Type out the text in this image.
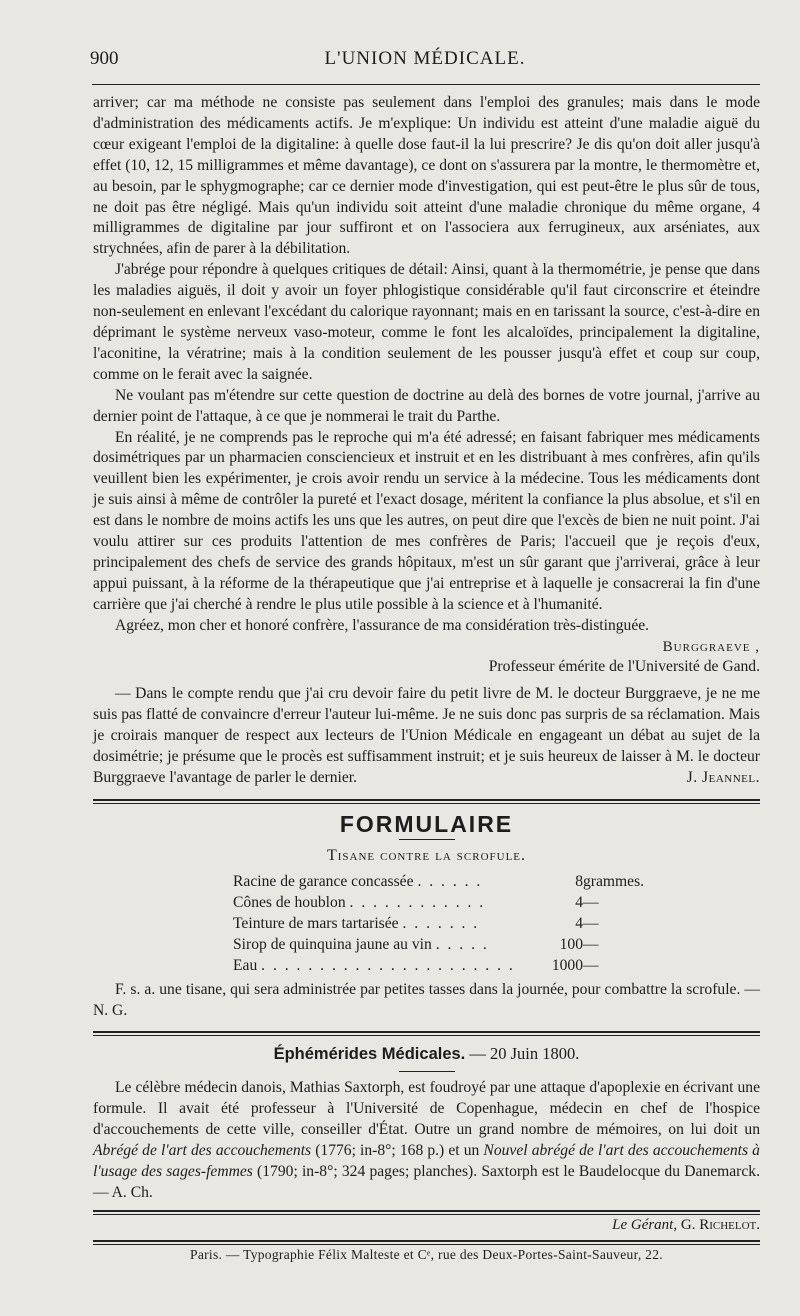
900	L'UNION MÉDICALE.

arriver; car ma méthode ne consiste pas seulement dans l'emploi des granules; mais dans le mode d'administration des médicaments actifs. Je m'explique: Un individu est atteint d'une maladie aiguë du cœur exigeant l'emploi de la digitaline: à quelle dose faut-il la lui prescrire? Je dis qu'on doit aller jusqu'à effet (10, 12, 15 milligrammes et même davantage), ce dont on s'assurera par la montre, le thermomètre et, au besoin, par le sphygmographe; car ce dernier mode d'investigation, qui est peut-être le plus sûr de tous, ne doit pas être négligé. Mais qu'un individu soit atteint d'une maladie chronique du même organe, 4 milligrammes de digitaline par jour suffiront et on l'associera aux ferrugineux, aux arséniates, aux strychnées, afin de parer à la débilitation.

J'abrége pour répondre à quelques critiques de détail: Ainsi, quant à la thermométrie, je pense que dans les maladies aiguës, il doit y avoir un foyer phlogistique considérable qu'il faut circonscrire et éteindre non-seulement en enlevant l'excédant du calorique rayonnant; mais en en tarissant la source, c'est-à-dire en déprimant le système nerveux vaso-moteur, comme le font les alcaloïdes, principalement la digitaline, l'aconitine, la vératrine; mais à la condition seulement de les pousser jusqu'à effet et coup sur coup, comme on le ferait avec la saignée.

Ne voulant pas m'étendre sur cette question de doctrine au delà des bornes de votre journal, j'arrive au dernier point de l'attaque, à ce que je nommerai le trait du Parthe.

En réalité, je ne comprends pas le reproche qui m'a été adressé; en faisant fabriquer mes médicaments dosimétriques par un pharmacien consciencieux et instruit et en les distribuant à mes confrères, afin qu'ils veuillent bien les expérimenter, je crois avoir rendu un service à la médecine. Tous les médicaments dont je suis ainsi à même de contrôler la pureté et l'exact dosage, méritent la confiance la plus absolue, et s'il en est dans le nombre de moins actifs les uns que les autres, on peut dire que l'excès de bien ne nuit point. J'ai voulu attirer sur ces produits l'attention de mes confrères de Paris; l'accueil que je reçois d'eux, principalement des chefs de service des grands hôpitaux, m'est un sûr garant que j'arriverai, grâce à leur appui puissant, à la réforme de la thérapeutique que j'ai entreprise et à laquelle je consacrerai la fin d'une carrière que j'ai cherché à rendre le plus utile possible à la science et à l'humanité.

Agréez, mon cher et honoré confrère, l'assurance de ma considération très-distinguée.

Burggraeve ,

Professeur émérite de l'Université de Gand.

— Dans le compte rendu que j'ai cru devoir faire du petit livre de M. le docteur Burggraeve, je ne me suis pas flatté de convaincre d'erreur l'auteur lui-même. Je ne suis donc pas surpris de sa réclamation. Mais je croirais manquer de respect aux lecteurs de l'Union Médicale en engageant un débat au sujet de la dosimétrie; je présume que le procès est suffisamment instruit; et je suis heureux de laisser à M. le docteur Burggraeve l'avantage de parler le dernier.	J. Jeannel.

FORMULAIRE
Tisane contre la scrofule.
Racine de garance concassée . . . . . .	8	grammes.
Cônes de houblon . . . . . . . . . . . .	4	—
Teinture de mars tartarisée . . . . . . .	4	—
Sirop de quinquina jaune au vin . . . . .	100	—
Eau . . . . . . . . . . . . . . . . . . . . . .	1000	—

F. s. a. une tisane, qui sera administrée par petites tasses dans la journée, pour combattre la scrofule. — N. G.

Éphémérides Médicales. — 20 Juin 1800.

Le célèbre médecin danois, Mathias Saxtorph, est foudroyé par une attaque d'apoplexie en écrivant une formule. Il avait été professeur à l'Université de Copenhague, médecin en chef de l'hospice d'accouchements de cette ville, conseiller d'État. Outre un grand nombre de mémoires, on lui doit un Abrégé de l'art des accouchements (1776; in-8°; 168 p.) et un Nouvel abrégé de l'art des accouchements à l'usage des sages-femmes (1790; in-8°; 324 pages; planches). Saxtorph est le Baudelocque du Danemarck. — A. Ch.

Le Gérant, G. Richelot.

Paris. — Typographie Félix Malteste et Cᵉ, rue des Deux-Portes-Saint-Sauveur, 22.
